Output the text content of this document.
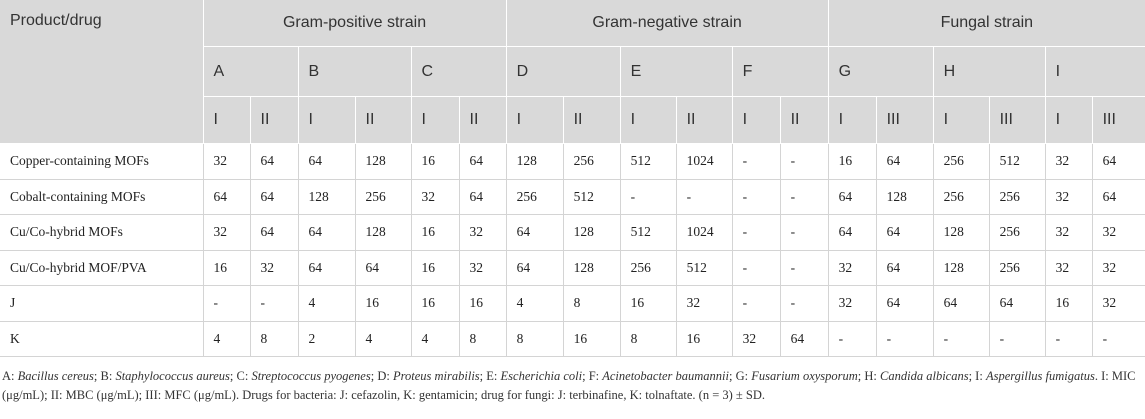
Product/drug	Gram-positive strain						Gram-negative strain						Fungal strain					
	A		B		C		D		E		F		G		H		I	
	I	II	I	II	I	II	I	II	I	II	I	II	I	III	I	III	I	III
Copper-containing MOFs	32	64	64	128	16	64	128	256	512	1024	-	-	16	64	256	512	32	64
Cobalt-containing MOFs	64	64	128	256	32	64	256	512	-	-	-	-	64	128	256	256	32	64
Cu/Co-hybrid MOFs	32	64	64	128	16	32	64	128	512	1024	-	-	64	64	128	256	32	32
Cu/Co-hybrid MOF/PVA	16	32	64	64	16	32	64	128	256	512	-	-	32	64	128	256	32	32
J	-	-	4	16	16	16	4	8	16	32	-	-	32	64	64	64	16	32
K	4	8	2	4	4	8	8	16	8	16	32	64	-	-	-	-	-	-
A: Bacillus cereus; B: Staphylococcus aureus; C: Streptococcus pyogenes; D: Proteus mirabilis; E: Escherichia coli; F: Acinetobacter baumannii; G: Fusarium oxysporum; H: Candida albicans; I: Aspergillus fumigatus. I: MIC (μg/mL); II: MBC (μg/mL); III: MFC (μg/mL). Drugs for bacteria: J: cefazolin, K: gentamicin; drug for fungi: J: terbinafine, K: tolnaftate. (n = 3) ± SD.
